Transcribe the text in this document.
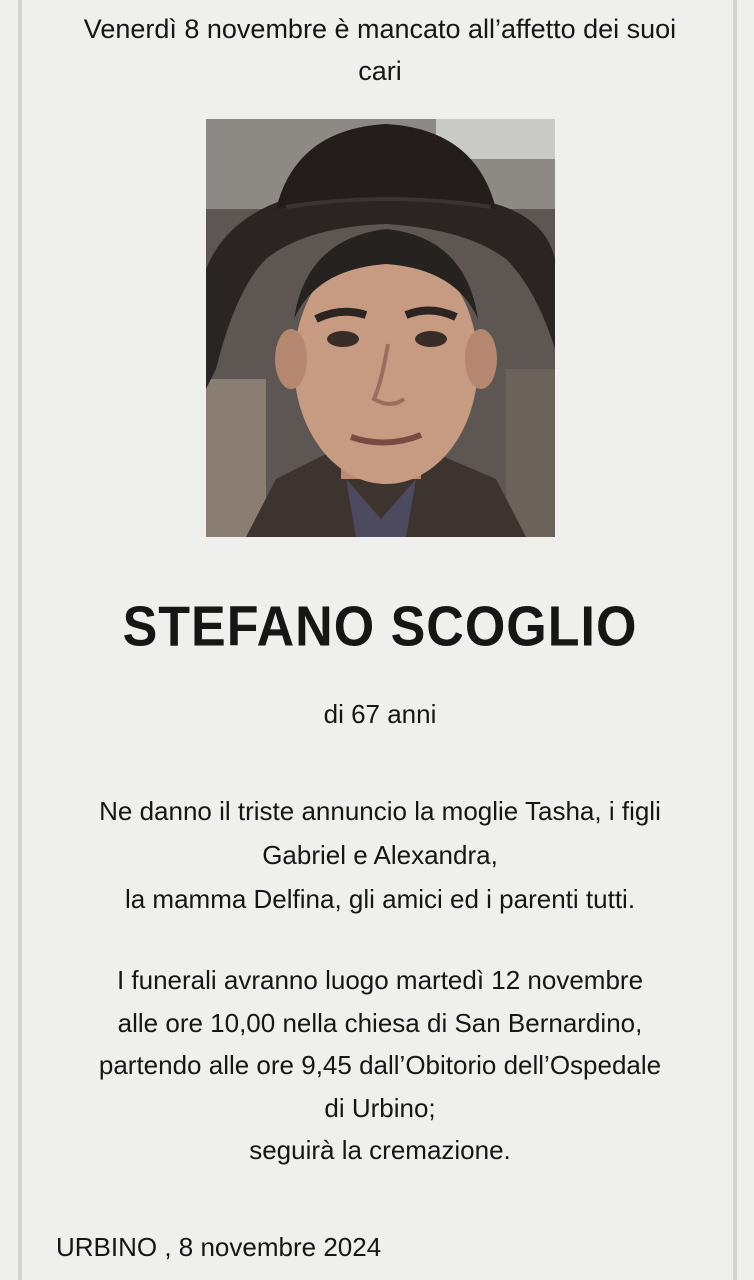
Venerdì 8 novembre è mancato all’affetto dei suoi cari
STEFANO SCOGLIO
di 67 anni
Ne danno il triste annuncio la moglie Tasha, i figli
Gabriel e Alexandra,
la mamma Delfina, gli amici ed i parenti tutti.
I funerali avranno luogo martedì 12 novembre
alle ore 10,00 nella chiesa di San Bernardino,
partendo alle ore 9,45 dall’Obitorio dell’Ospedale
di Urbino;
seguirà la cremazione.
URBINO , 8 novembre 2024
